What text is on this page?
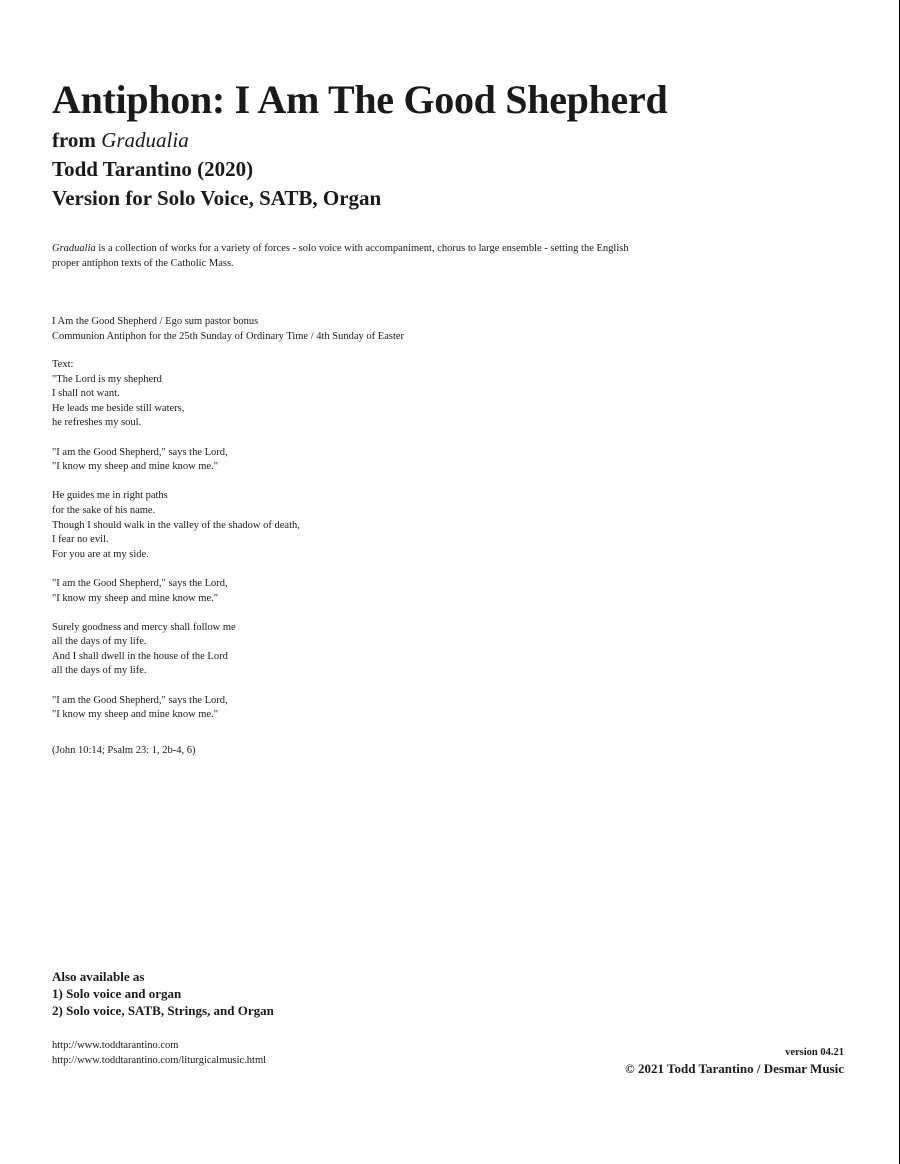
Antiphon: I Am The Good Shepherd
from Gradualia
Todd Tarantino (2020)
Version for Solo Voice, SATB, Organ
Gradualia is a collection of works for a variety of forces - solo voice with accompaniment, chorus to large ensemble - setting the English proper antiphon texts of the Catholic Mass.
I Am the Good Shepherd / Ego sum pastor bonus
Communion Antiphon for the 25th Sunday of Ordinary Time / 4th Sunday of Easter
Text:
"The Lord is my shepherd
I shall not want.
He leads me beside still waters,
he refreshes my soul.
"I am the Good Shepherd," says the Lord,
"I know my sheep and mine know me."
He guides me in right paths
for the sake of his name.
Though I should walk in the valley of the shadow of death,
I fear no evil.
For you are at my side.
"I am the Good Shepherd," says the Lord,
"I know my sheep and mine know me."
Surely goodness and mercy shall follow me
all the days of my life.
And I shall dwell in the house of the Lord
all the days of my life.
"I am the Good Shepherd," says the Lord,
"I know my sheep and mine know me."
(John 10:14; Psalm 23: 1, 2b-4, 6)
Also available as
1) Solo voice and organ
2) Solo voice, SATB, Strings, and Organ
http://www.toddtarantino.com
http://www.toddtarantino.com/liturgicalmusic.html
version 04.21
© 2021 Todd Tarantino / Desmar Music
